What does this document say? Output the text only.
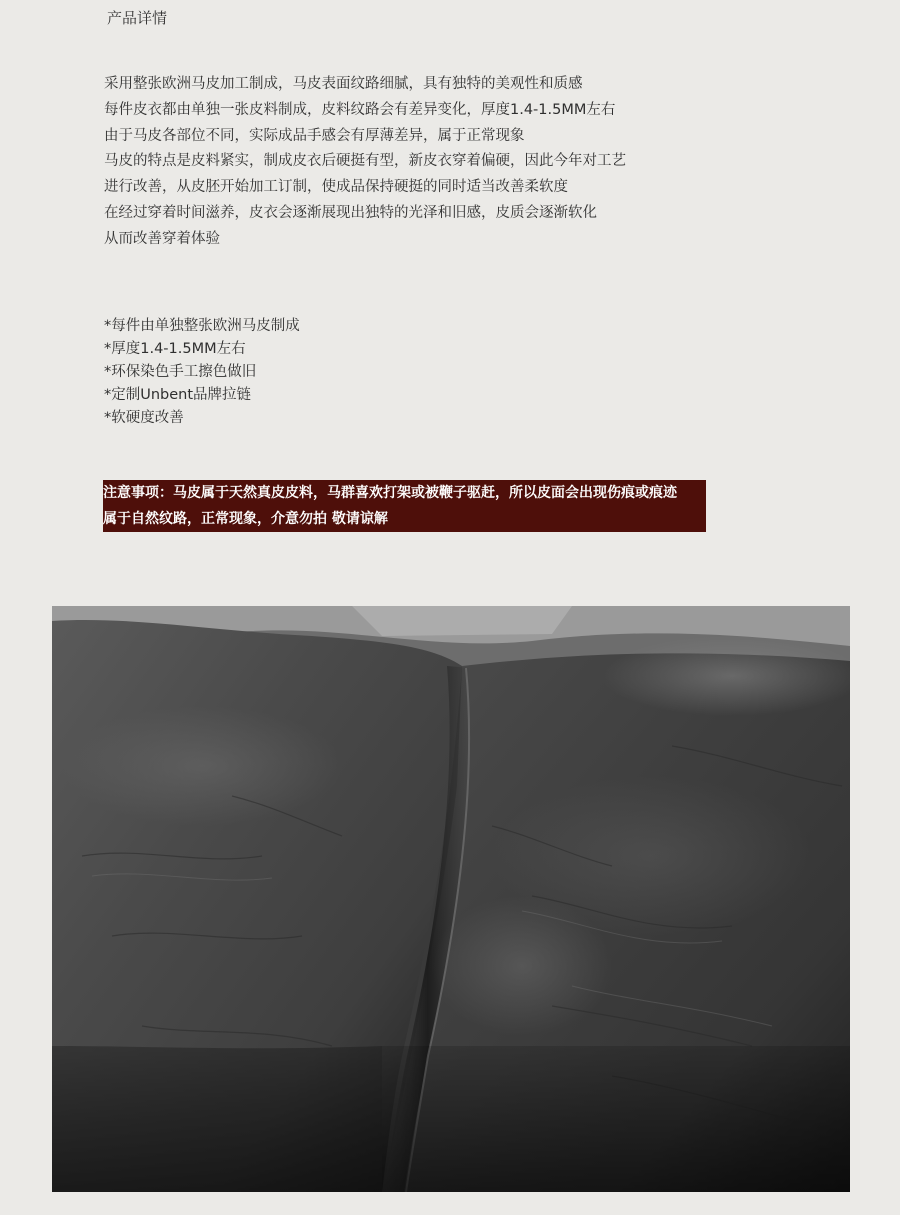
产品详情
采用整张欧洲马皮加工制成，马皮表面纹路细腻，具有独特的美观性和质感
每件皮衣都由单独一张皮料制成，皮料纹路会有差异变化，厚度1.4-1.5MM左右
由于马皮各部位不同，实际成品手感会有厚薄差异，属于正常现象
马皮的特点是皮料紧实，制成皮衣后硬挺有型，新皮衣穿着偏硬，因此今年对工艺
进行改善，从皮胚开始加工订制，使成品保持硬挺的同时适当改善柔软度
在经过穿着时间滋养，皮衣会逐渐展现出独特的光泽和旧感，皮质会逐渐软化
从而改善穿着体验
*每件由单独整张欧洲马皮制成
*厚度1.4-1.5MM左右
*环保染色手工擦色做旧
*定制Unbent品牌拉链
*软硬度改善
注意事项：马皮属于天然真皮皮料，马群喜欢打架或被鞭子驱赶，所以皮面会出现伤痕或痕迹
属于自然纹路，正常现象，介意勿拍 敬请谅解
